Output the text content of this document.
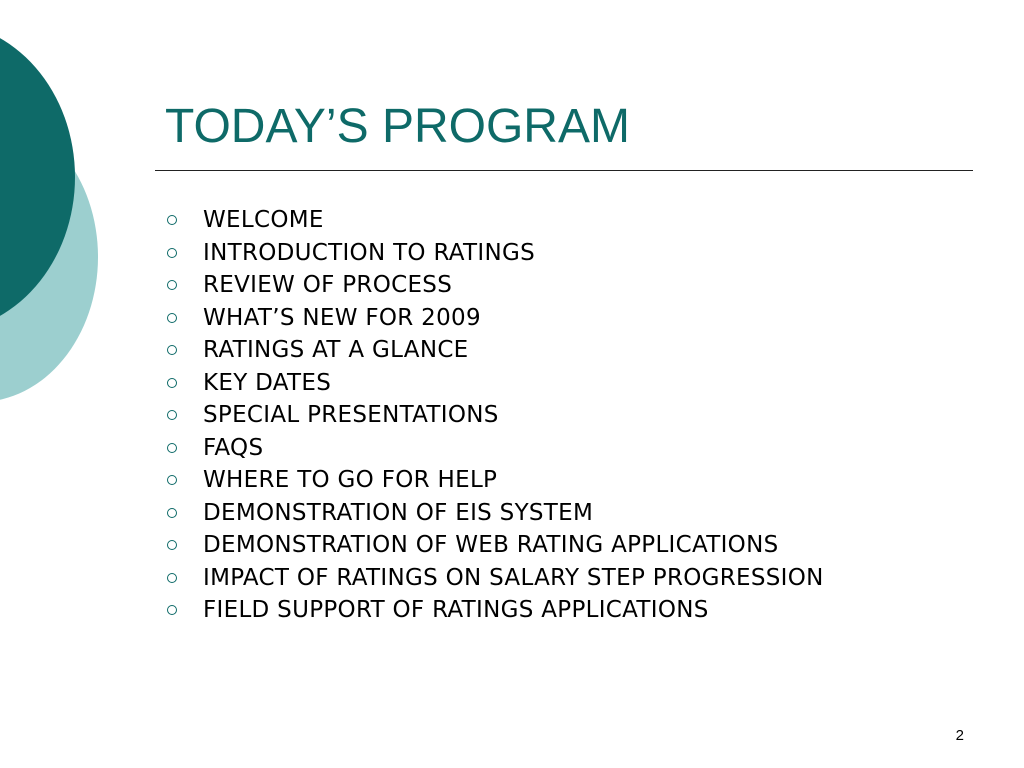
TODAY’S PROGRAM
WELCOME
INTRODUCTION TO RATINGS
REVIEW OF PROCESS
WHAT’S NEW FOR 2009
RATINGS AT A GLANCE
KEY DATES
SPECIAL PRESENTATIONS
FAQS
WHERE TO GO FOR HELP
DEMONSTRATION OF EIS SYSTEM
DEMONSTRATION OF WEB RATING APPLICATIONS
IMPACT OF RATINGS ON SALARY STEP PROGRESSION
FIELD SUPPORT OF RATINGS APPLICATIONS
2
